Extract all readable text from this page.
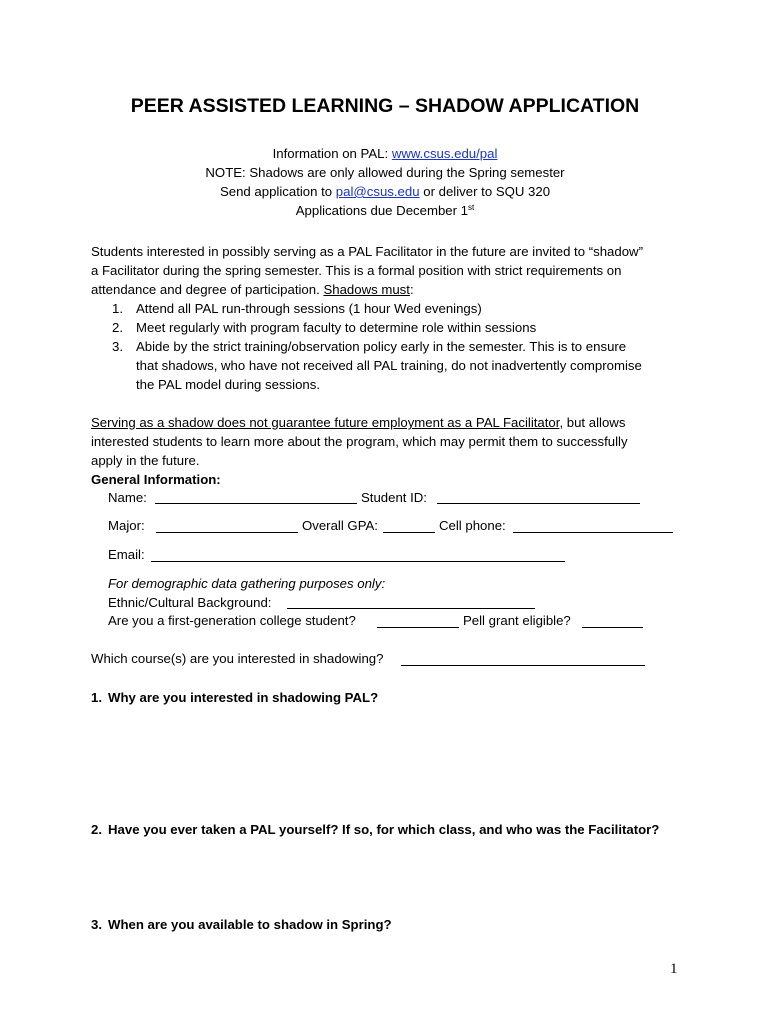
PEER ASSISTED LEARNING – SHADOW APPLICATION
Information on PAL: www.csus.edu/pal
NOTE: Shadows are only allowed during the Spring semester
Send application to pal@csus.edu or deliver to SQU 320
Applications due December 1st
Students interested in possibly serving as a PAL Facilitator in the future are invited to “shadow”
a Facilitator during the spring semester. This is a formal position with strict requirements on
attendance and degree of participation. Shadows must:
1. Attend all PAL run-through sessions (1 hour Wed evenings)
2. Meet regularly with program faculty to determine role within sessions
3. Abide by the strict training/observation policy early in the semester. This is to ensure
that shadows, who have not received all PAL training, do not inadvertently compromise
the PAL model during sessions.
Serving as a shadow does not guarantee future employment as a PAL Facilitator, but allows
interested students to learn more about the program, which may permit them to successfully
apply in the future.
General Information:
Name:	Student ID:
Major:	Overall GPA:	Cell phone:
Email:
For demographic data gathering purposes only:
Ethnic/Cultural Background:
Are you a first-generation college student?	Pell grant eligible?
Which course(s) are you interested in shadowing?
1. Why are you interested in shadowing PAL?
2. Have you ever taken a PAL yourself? If so, for which class, and who was the Facilitator?
3. When are you available to shadow in Spring?
1
